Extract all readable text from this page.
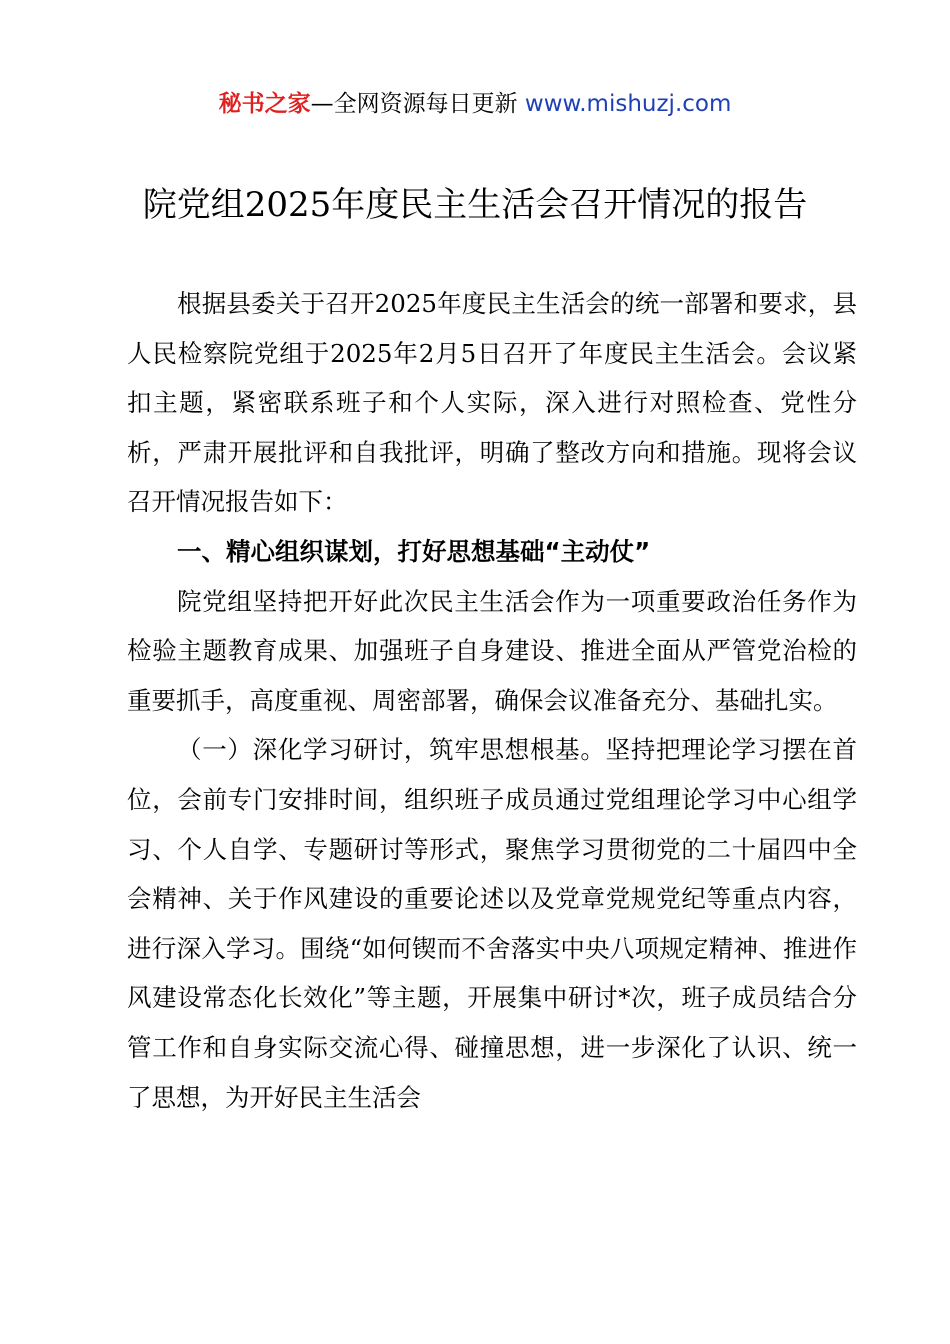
秘书之家—全网资源每日更新 www.mishuzj.com
院党组2025年度民主生活会召开情况的报告

根据县委关于召开2025年度民主生活会的统一部署和要求，县人民检察院党组于2025年2月5日召开了年度民主生活会。会议紧扣主题，紧密联系班子和个人实际，深入进行对照检查、党性分析，严肃开展批评和自我批评，明确了整改方向和措施。现将会议召开情况报告如下：

一、精心组织谋划，打好思想基础“主动仗”

院党组坚持把开好此次民主生活会作为一项重要政治任务作为检验主题教育成果、加强班子自身建设、推进全面从严管党治检的重要抓手，高度重视、周密部署，确保会议准备充分、基础扎实。

（一）深化学习研讨，筑牢思想根基。坚持把理论学习摆在首位，会前专门安排时间，组织班子成员通过党组理论学习中心组学习、个人自学、专题研讨等形式，聚焦学习贯彻党的二十届四中全会精神、关于作风建设的重要论述以及党章党规党纪等重点内容，进行深入学习。围绕“如何锲而不舍落实中央八项规定精神、推进作风建设常态化长效化”等主题，开展集中研讨*次，班子成员结合分管工作和自身实际交流心得、碰撞思想，进一步深化了认识、统一了思想，为开好民主生活会
